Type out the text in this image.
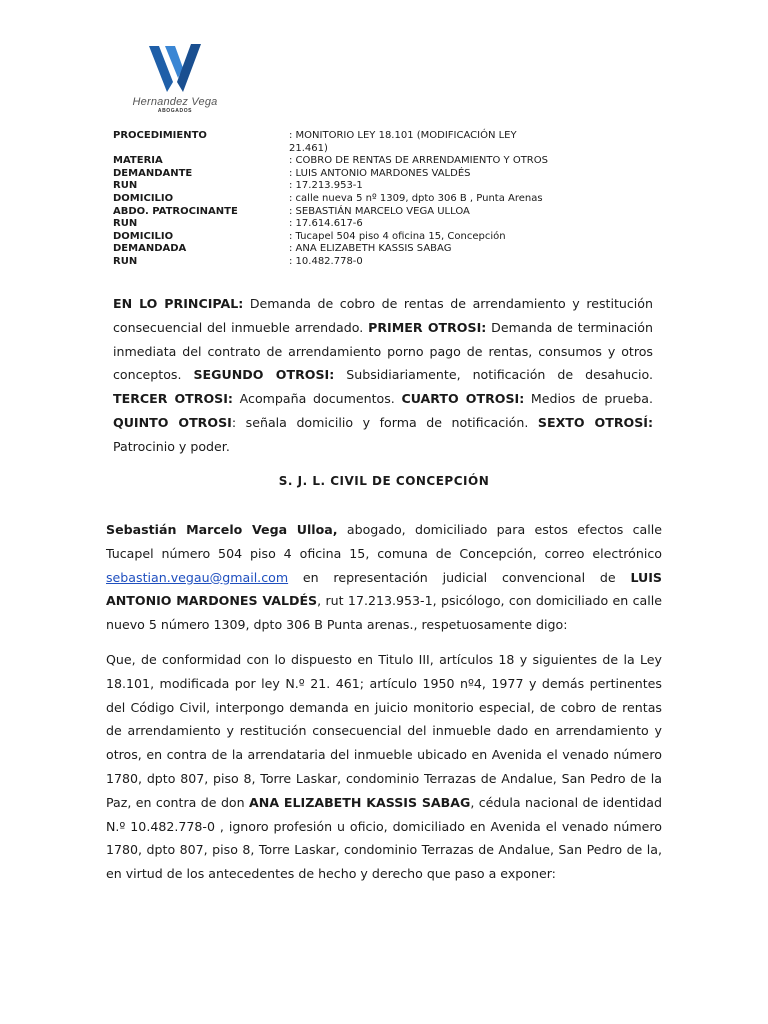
Hernandez Vega
ABOGADOS
PROCEDIMIENTO	: MONITORIO LEY 18.101 (MODIFICACIÓN LEY 21.461)
MATERIA	: COBRO DE RENTAS DE ARRENDAMIENTO Y OTROS
DEMANDANTE	: LUIS ANTONIO MARDONES VALDÉS
RUN	: 17.213.953-1
DOMICILIO	: calle nueva 5 nº 1309, dpto 306 B , Punta Arenas
ABDO. PATROCINANTE	: SEBASTIÁN MARCELO VEGA ULLOA
RUN	: 17.614.617-6
DOMICILIO	: Tucapel 504 piso 4 oficina 15, Concepción
DEMANDADA	: ANA ELIZABETH KASSIS SABAG
RUN	: 10.482.778-0
EN LO PRINCIPAL: Demanda de cobro de rentas de arrendamiento y restitución consecuencial del inmueble arrendado. PRIMER OTROSI: Demanda de terminación inmediata del contrato de arrendamiento porno pago de rentas, consumos y otros conceptos. SEGUNDO OTROSI: Subsidiariamente, notificación de desahucio. TERCER OTROSI: Acompaña documentos. CUARTO OTROSI: Medios de prueba. QUINTO OTROSI: señala domicilio y forma de notificación. SEXTO OTROSÍ: Patrocinio y poder.
S. J. L. CIVIL DE CONCEPCIÓN
Sebastián Marcelo Vega Ulloa, abogado, domiciliado para estos efectos calle Tucapel número 504 piso 4 oficina 15, comuna de Concepción, correo electrónico sebastian.vegau@gmail.com en representación judicial convencional de LUIS ANTONIO MARDONES VALDÉS, rut 17.213.953-1, psicólogo, con domiciliado en calle nuevo 5 número 1309, dpto 306 B Punta arenas., respetuosamente digo:
Que, de conformidad con lo dispuesto en Titulo III, artículos 18 y siguientes de la Ley 18.101, modificada por ley N.º 21. 461; artículo 1950 nº4, 1977 y demás pertinentes del Código Civil, interpongo demanda en juicio monitorio especial, de cobro de rentas de arrendamiento y restitución consecuencial del inmueble dado en arrendamiento y otros, en contra de la arrendataria del inmueble ubicado en Avenida el venado número 1780, dpto 807, piso 8, Torre Laskar, condominio Terrazas de Andalue, San Pedro de la Paz, en contra de don ANA ELIZABETH KASSIS SABAG, cédula nacional de identidad N.º 10.482.778-0 , ignoro profesión u oficio, domiciliado en Avenida el venado número 1780, dpto 807, piso 8, Torre Laskar, condominio Terrazas de Andalue, San Pedro de la, en virtud de los antecedentes de hecho y derecho que paso a exponer:
